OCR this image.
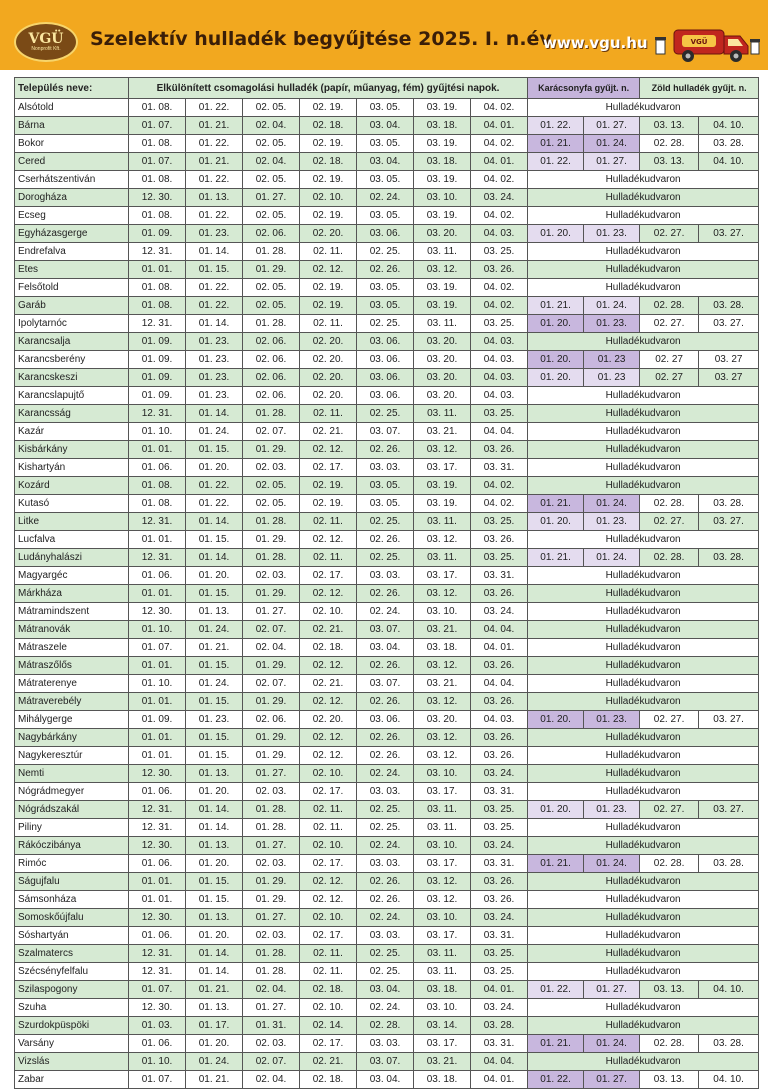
VGÜ
Nonprofit Kft. Szelektív hulladék begyűjtése 2025. I. n.év
www.vgu.hu	VGÜ
Település neve:	Elkülönített csomagolási hulladék (papír, műanyag, fém) gyűjtési napok.							Karácsonyfa gyűjt. n.		Zöld hulladék gyűjt. n.	
Alsótold	01. 08.	01. 22.	02. 05.	02. 19.	03. 05.	03. 19.	04. 02.	Hulladékudvaron			
Bárna	01. 07.	01. 21.	02. 04.	02. 18.	03. 04.	03. 18.	04. 01.	01. 22.	01. 27.	03. 13.	04. 10.
Bokor	01. 08.	01. 22.	02. 05.	02. 19.	03. 05.	03. 19.	04. 02.	01. 21.	01. 24.	02. 28.	03. 28.
Cered	01. 07.	01. 21.	02. 04.	02. 18.	03. 04.	03. 18.	04. 01.	01. 22.	01. 27.	03. 13.	04. 10.
Cserhátszentiván	01. 08.	01. 22.	02. 05.	02. 19.	03. 05.	03. 19.	04. 02.	Hulladékudvaron			
Dorogháza	12. 30.	01. 13.	01. 27.	02. 10.	02. 24.	03. 10.	03. 24.	Hulladékudvaron			
Ecseg	01. 08.	01. 22.	02. 05.	02. 19.	03. 05.	03. 19.	04. 02.	Hulladékudvaron			
Egyházasgerge	01. 09.	01. 23.	02. 06.	02. 20.	03. 06.	03. 20.	04. 03.	01. 20.	01. 23.	02. 27.	03. 27.
Endrefalva	12. 31.	01. 14.	01. 28.	02. 11.	02. 25.	03. 11.	03. 25.	Hulladékudvaron			
Etes	01. 01.	01. 15.	01. 29.	02. 12.	02. 26.	03. 12.	03. 26.	Hulladékudvaron			
Felsőtold	01. 08.	01. 22.	02. 05.	02. 19.	03. 05.	03. 19.	04. 02.	Hulladékudvaron			
Garáb	01. 08.	01. 22.	02. 05.	02. 19.	03. 05.	03. 19.	04. 02.	01. 21.	01. 24.	02. 28.	03. 28.
Ipolytarnóc	12. 31.	01. 14.	01. 28.	02. 11.	02. 25.	03. 11.	03. 25.	01. 20.	01. 23.	02. 27.	03. 27.
Karancsalja	01. 09.	01. 23.	02. 06.	02. 20.	03. 06.	03. 20.	04. 03.	Hulladékudvaron			
Karancsberény	01. 09.	01. 23.	02. 06.	02. 20.	03. 06.	03. 20.	04. 03.	01. 20.	01. 23	02. 27	03. 27
Karancskeszi	01. 09.	01. 23.	02. 06.	02. 20.	03. 06.	03. 20.	04. 03.	01. 20.	01. 23	02. 27	03. 27
Karancslapujtő	01. 09.	01. 23.	02. 06.	02. 20.	03. 06.	03. 20.	04. 03.	Hulladékudvaron			
Karancsság	12. 31.	01. 14.	01. 28.	02. 11.	02. 25.	03. 11.	03. 25.	Hulladékudvaron			
Kazár	01. 10.	01. 24.	02. 07.	02. 21.	03. 07.	03. 21.	04. 04.	Hulladékudvaron			
Kisbárkány	01. 01.	01. 15.	01. 29.	02. 12.	02. 26.	03. 12.	03. 26.	Hulladékudvaron			
Kishartyán	01. 06.	01. 20.	02. 03.	02. 17.	03. 03.	03. 17.	03. 31.	Hulladékudvaron			
Kozárd	01. 08.	01. 22.	02. 05.	02. 19.	03. 05.	03. 19.	04. 02.	Hulladékudvaron			
Kutasó	01. 08.	01. 22.	02. 05.	02. 19.	03. 05.	03. 19.	04. 02.	01. 21.	01. 24.	02. 28.	03. 28.
Litke	12. 31.	01. 14.	01. 28.	02. 11.	02. 25.	03. 11.	03. 25.	01. 20.	01. 23.	02. 27.	03. 27.
Lucfalva	01. 01.	01. 15.	01. 29.	02. 12.	02. 26.	03. 12.	03. 26.	Hulladékudvaron			
Ludányhalászi	12. 31.	01. 14.	01. 28.	02. 11.	02. 25.	03. 11.	03. 25.	01. 21.	01. 24.	02. 28.	03. 28.
Magyargéc	01. 06.	01. 20.	02. 03.	02. 17.	03. 03.	03. 17.	03. 31.	Hulladékudvaron			
Márkháza	01. 01.	01. 15.	01. 29.	02. 12.	02. 26.	03. 12.	03. 26.	Hulladékudvaron			
Mátramindszent	12. 30.	01. 13.	01. 27.	02. 10.	02. 24.	03. 10.	03. 24.	Hulladékudvaron			
Mátranovák	01. 10.	01. 24.	02. 07.	02. 21.	03. 07.	03. 21.	04. 04.	Hulladékudvaron			
Mátraszele	01. 07.	01. 21.	02. 04.	02. 18.	03. 04.	03. 18.	04. 01.	Hulladékudvaron			
Mátraszőlős	01. 01.	01. 15.	01. 29.	02. 12.	02. 26.	03. 12.	03. 26.	Hulladékudvaron			
Mátraterenye	01. 10.	01. 24.	02. 07.	02. 21.	03. 07.	03. 21.	04. 04.	Hulladékudvaron			
Mátraverebély	01. 01.	01. 15.	01. 29.	02. 12.	02. 26.	03. 12.	03. 26.	Hulladékudvaron			
Mihálygerge	01. 09.	01. 23.	02. 06.	02. 20.	03. 06.	03. 20.	04. 03.	01. 20.	01. 23.	02. 27.	03. 27.
Nagybárkány	01. 01.	01. 15.	01. 29.	02. 12.	02. 26.	03. 12.	03. 26.	Hulladékudvaron			
Nagykeresztúr	01. 01.	01. 15.	01. 29.	02. 12.	02. 26.	03. 12.	03. 26.	Hulladékudvaron			
Nemti	12. 30.	01. 13.	01. 27.	02. 10.	02. 24.	03. 10.	03. 24.	Hulladékudvaron			
Nógrádmegyer	01. 06.	01. 20.	02. 03.	02. 17.	03. 03.	03. 17.	03. 31.	Hulladékudvaron			
Nógrádszakál	12. 31.	01. 14.	01. 28.	02. 11.	02. 25.	03. 11.	03. 25.	01. 20.	01. 23.	02. 27.	03. 27.
Piliny	12. 31.	01. 14.	01. 28.	02. 11.	02. 25.	03. 11.	03. 25.	Hulladékudvaron			
Rákóczibánya	12. 30.	01. 13.	01. 27.	02. 10.	02. 24.	03. 10.	03. 24.	Hulladékudvaron			
Rimóc	01. 06.	01. 20.	02. 03.	02. 17.	03. 03.	03. 17.	03. 31.	01. 21.	01. 24.	02. 28.	03. 28.
Ságujfalu	01. 01.	01. 15.	01. 29.	02. 12.	02. 26.	03. 12.	03. 26.	Hulladékudvaron			
Sámsonháza	01. 01.	01. 15.	01. 29.	02. 12.	02. 26.	03. 12.	03. 26.	Hulladékudvaron			
Somoskőújfalu	12. 30.	01. 13.	01. 27.	02. 10.	02. 24.	03. 10.	03. 24.	Hulladékudvaron			
Sóshartyán	01. 06.	01. 20.	02. 03.	02. 17.	03. 03.	03. 17.	03. 31.	Hulladékudvaron			
Szalmatercs	12. 31.	01. 14.	01. 28.	02. 11.	02. 25.	03. 11.	03. 25.	Hulladékudvaron			
Szécsényfelfalu	12. 31.	01. 14.	01. 28.	02. 11.	02. 25.	03. 11.	03. 25.	Hulladékudvaron			
Szilaspogony	01. 07.	01. 21.	02. 04.	02. 18.	03. 04.	03. 18.	04. 01.	01. 22.	01. 27.	03. 13.	04. 10.
Szuha	12. 30.	01. 13.	01. 27.	02. 10.	02. 24.	03. 10.	03. 24.	Hulladékudvaron			
Szurdokpüspöki	01. 03.	01. 17.	01. 31.	02. 14.	02. 28.	03. 14.	03. 28.	Hulladékudvaron			
Varsány	01. 06.	01. 20.	02. 03.	02. 17.	03. 03.	03. 17.	03. 31.	01. 21.	01. 24.	02. 28.	03. 28.
Vizslás	01. 10.	01. 24.	02. 07.	02. 21.	03. 07.	03. 21.	04. 04.	Hulladékudvaron			
Zabar	01. 07.	01. 21.	02. 04.	02. 18.	03. 04.	03. 18.	04. 01.	01. 22.	01. 27.	03. 13.	04. 10.
